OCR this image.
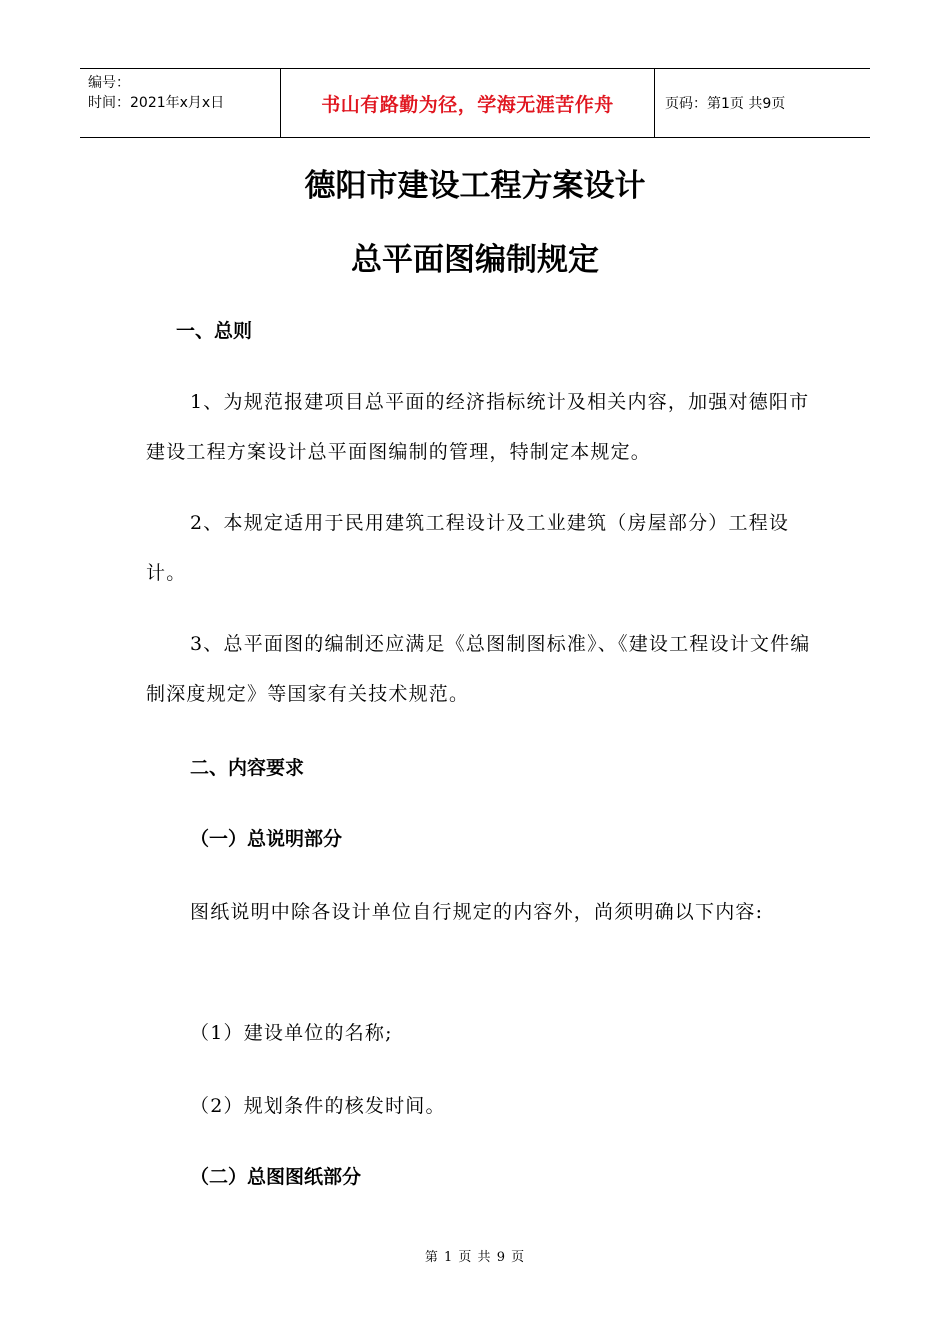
编号：
时间：2021年x月x日	书山有路勤为径，学海无涯苦作舟	页码：第1页 共9页
德阳市建设工程方案设计
总平面图编制规定
一、总则
1、为规范报建项目总平面的经济指标统计及相关内容，加强对德阳市建设工程方案设计总平面图编制的管理，特制定本规定。
2、本规定适用于民用建筑工程设计及工业建筑（房屋部分）工程设计。
3、总平面图的编制还应满足《总图制图标准》、《建设工程设计文件编制深度规定》等国家有关技术规范。
二、内容要求
（一）总说明部分
图纸说明中除各设计单位自行规定的内容外，尚须明确以下内容:
（1）建设单位的名称;
（2）规划条件的核发时间。
（二）总图图纸部分
第 1 页 共 9 页
